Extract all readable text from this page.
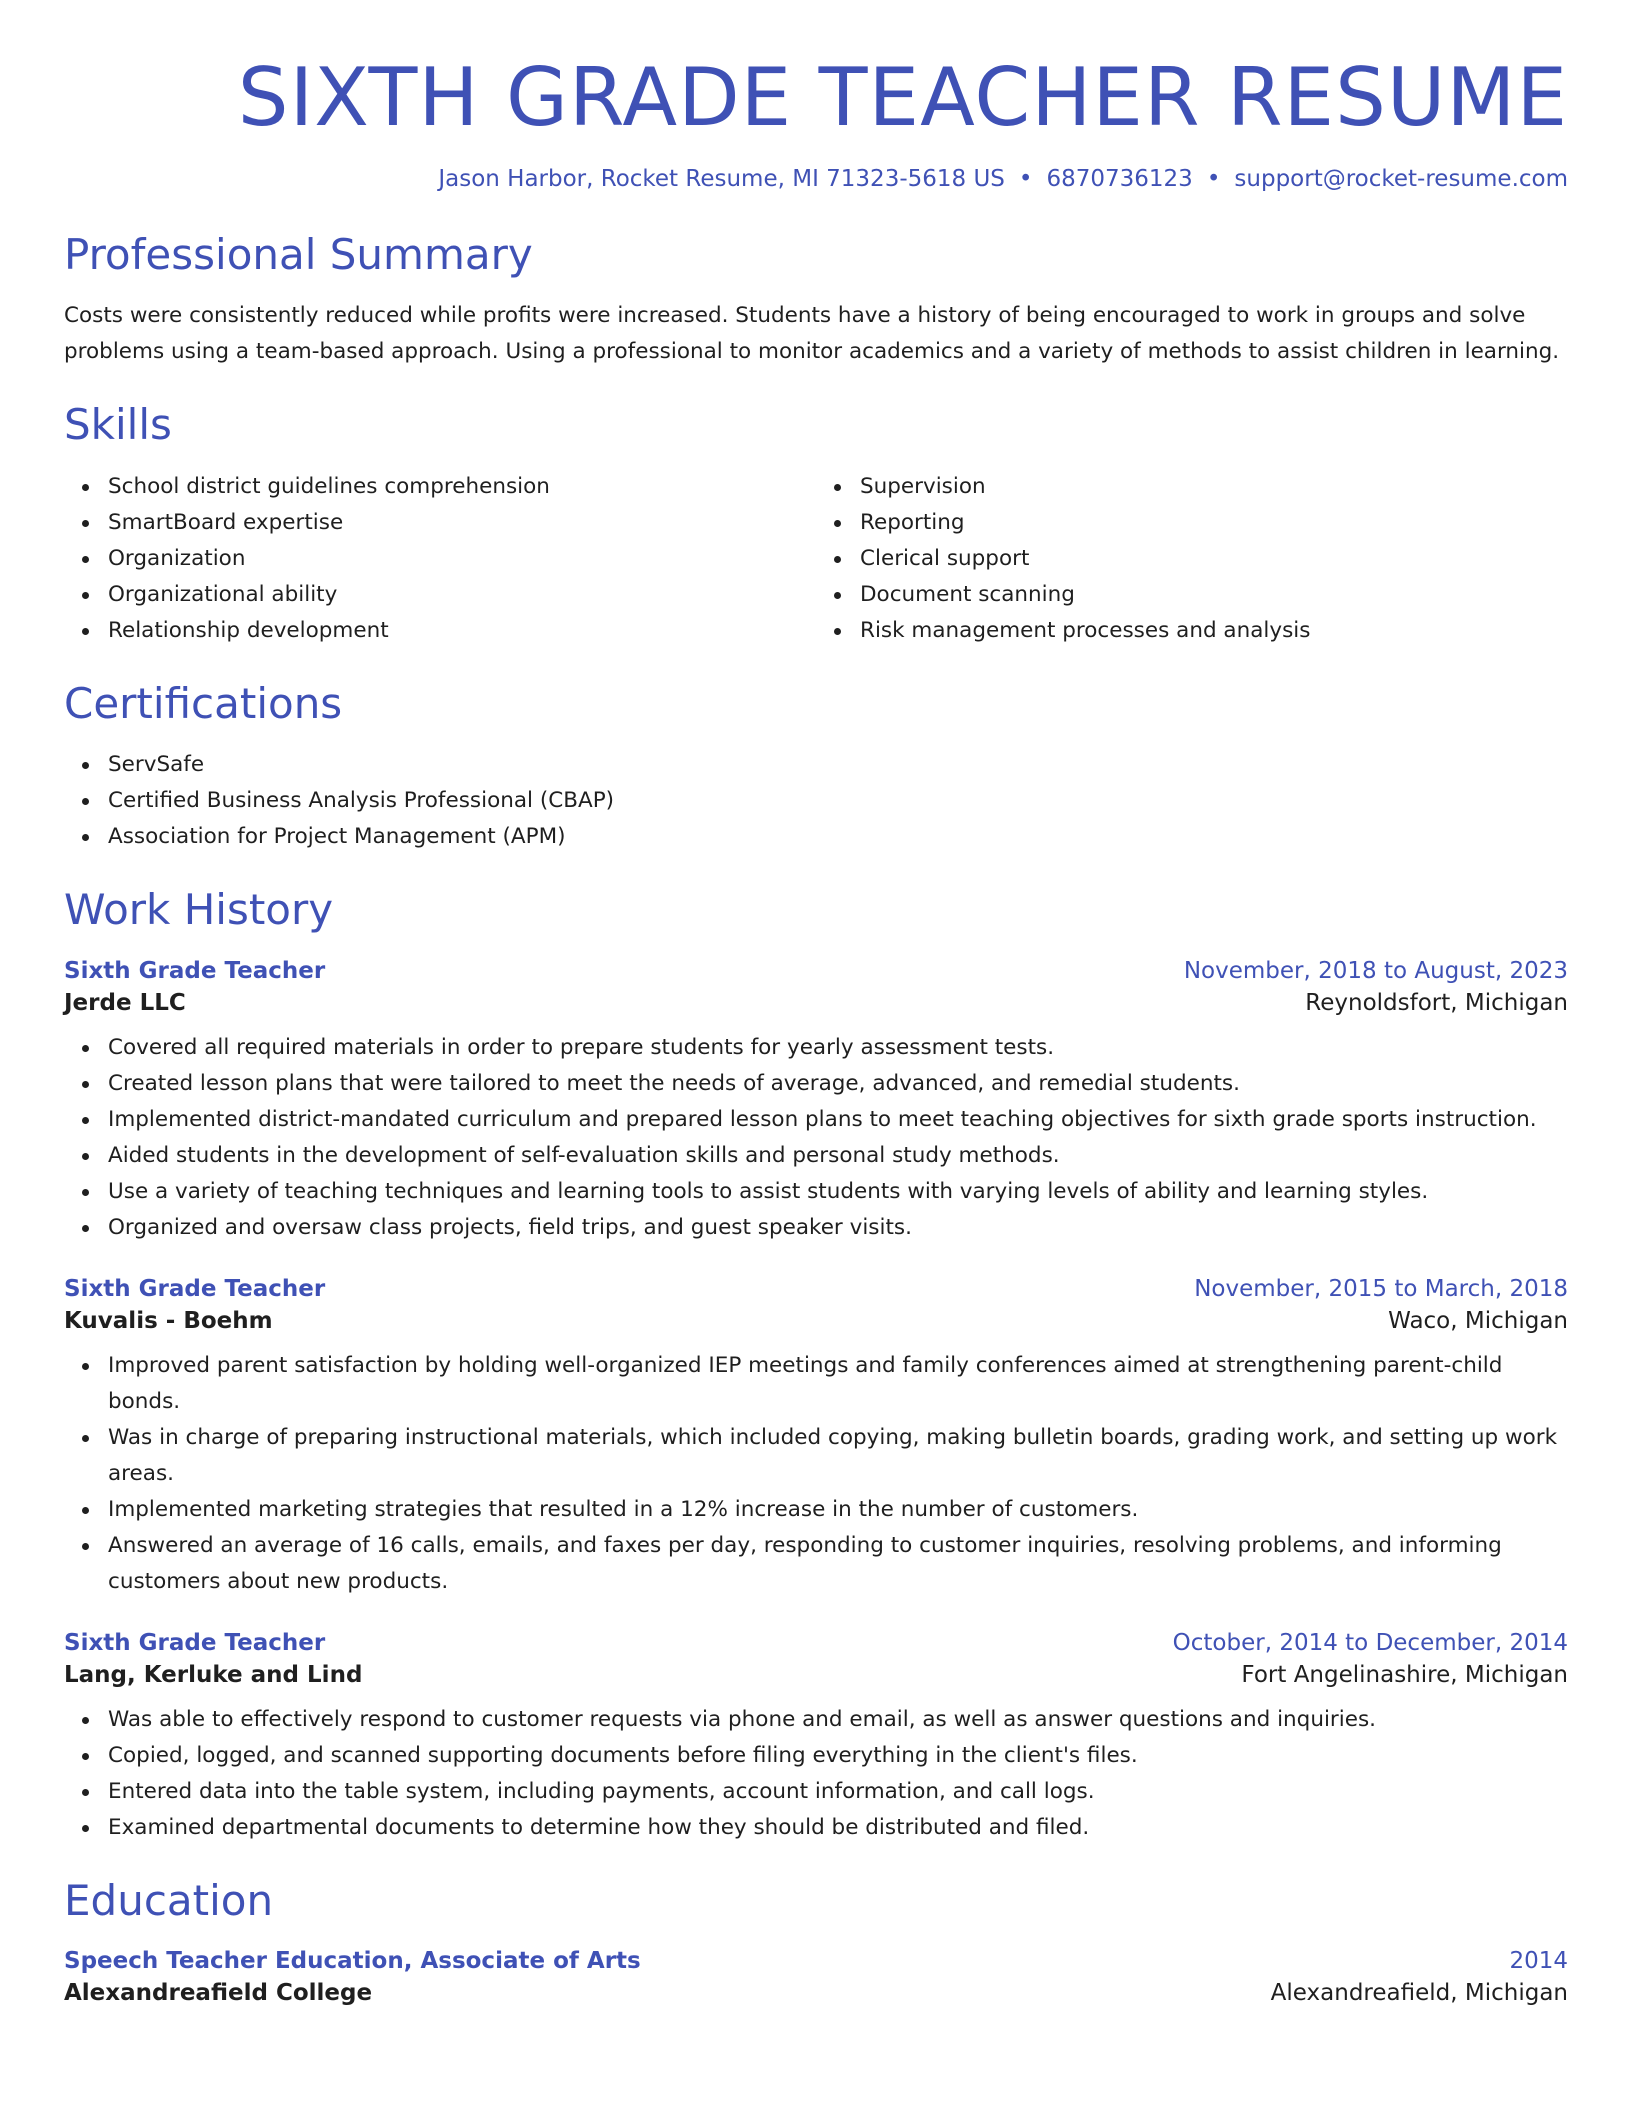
SIXTH GRADE TEACHER RESUME
Jason Harbor, Rocket Resume, MI 71323-5618 US • 6870736123 • support@rocket-resume.com
Professional Summary

Costs were consistently reduced while profits were increased. Students have a history of being encouraged to work in groups and solve problems using a team-based approach. Using a professional to monitor academics and a variety of methods to assist children in learning.

Skills
School district guidelines comprehension
SmartBoard expertise
Organization
Organizational ability
Relationship development
Supervision
Reporting
Clerical support
Document scanning
Risk management processes and analysis
Certifications
ServSafe
Certified Business Analysis Professional (CBAP)
Association for Project Management (APM)
Work History
Sixth Grade Teacher	November, 2018 to August, 2023
Jerde LLC	Reynoldsfort, Michigan
Covered all required materials in order to prepare students for yearly assessment tests.
Created lesson plans that were tailored to meet the needs of average, advanced, and remedial students.
Implemented district-mandated curriculum and prepared lesson plans to meet teaching objectives for sixth grade sports instruction.
Aided students in the development of self-evaluation skills and personal study methods.
Use a variety of teaching techniques and learning tools to assist students with varying levels of ability and learning styles.
Organized and oversaw class projects, field trips, and guest speaker visits.
Sixth Grade Teacher	November, 2015 to March, 2018
Kuvalis - Boehm	Waco, Michigan
Improved parent satisfaction by holding well-organized IEP meetings and family conferences aimed at strengthening parent-child bonds.
Was in charge of preparing instructional materials, which included copying, making bulletin boards, grading work, and setting up work areas.
Implemented marketing strategies that resulted in a 12% increase in the number of customers.
Answered an average of 16 calls, emails, and faxes per day, responding to customer inquiries, resolving problems, and informing customers about new products.
Sixth Grade Teacher	October, 2014 to December, 2014
Lang, Kerluke and Lind	Fort Angelinashire, Michigan
Was able to effectively respond to customer requests via phone and email, as well as answer questions and inquiries.
Copied, logged, and scanned supporting documents before filing everything in the client's files.
Entered data into the table system, including payments, account information, and call logs.
Examined departmental documents to determine how they should be distributed and filed.
Education
Speech Teacher Education, Associate of Arts	2014
Alexandreafield College	Alexandreafield, Michigan
